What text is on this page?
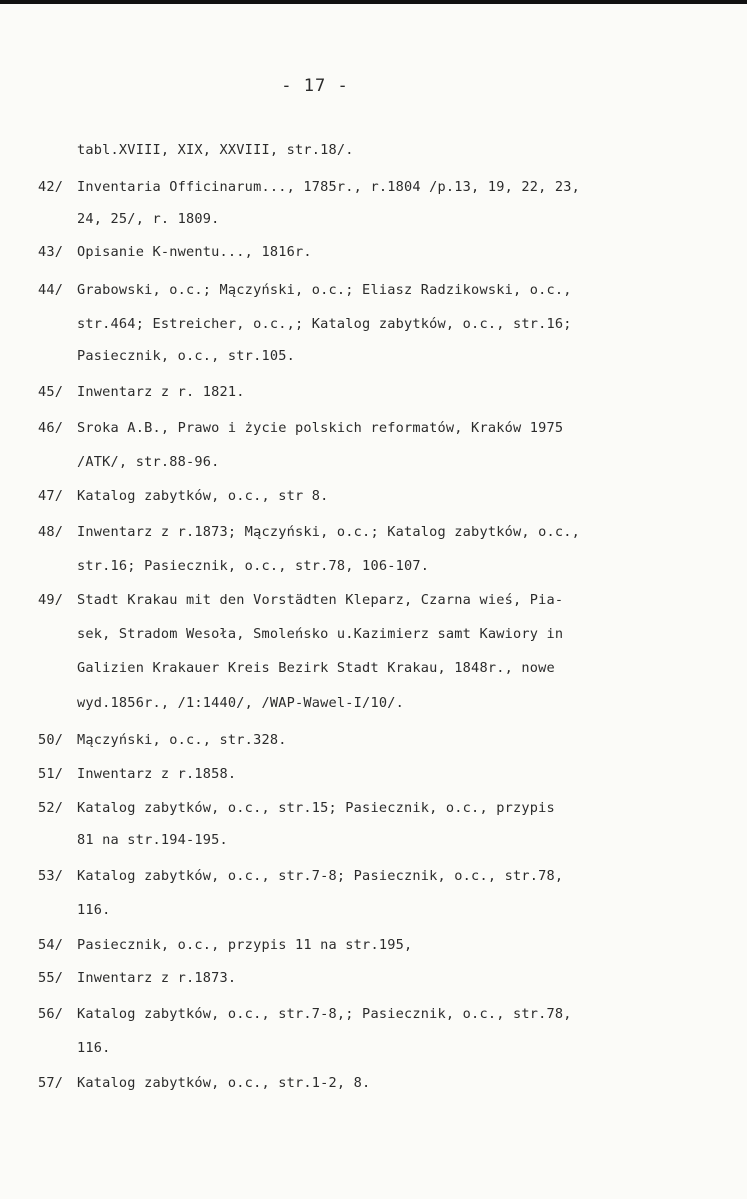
- 17 -
tabl.XVIII, XIX, XXVIII, str.18/.
42/ Inventaria Officinarum..., 1785r., r.1804 /p.13, 19, 22, 23,
24, 25/, r. 1809.
43/ Opisanie K-nwentu..., 1816r.
44/ Grabowski, o.c.; Mączyński, o.c.; Eliasz Radzikowski, o.c.,
str.464; Estreicher, o.c.,; Katalog zabytków, o.c., str.16;
Pasiecznik, o.c., str.105.
45/ Inwentarz z r. 1821.
46/ Sroka A.B., Prawo i życie polskich reformatów, Kraków 1975
/ATK/, str.88-96.
47/ Katalog zabytków, o.c., str 8.
48/ Inwentarz z r.1873; Mączyński, o.c.; Katalog zabytków, o.c.,
str.16; Pasiecznik, o.c., str.78, 106-107.
49/ Stadt Krakau mit den Vorstädten Kleparz, Czarna wieś, Pia-
sek, Stradom Wesoła, Smoleńsko u.Kazimierz samt Kawiory in
Galizien Krakauer Kreis Bezirk Stadt Krakau, 1848r., nowe
wyd.1856r., /1:1440/, /WAP-Wawel-I/10/.
50/ Mączyński, o.c., str.328.
51/ Inwentarz z r.1858.
52/ Katalog zabytków, o.c., str.15; Pasiecznik, o.c., przypis
81 na str.194-195.
53/ Katalog zabytków, o.c., str.7-8; Pasiecznik, o.c., str.78,
116.
54/ Pasiecznik, o.c., przypis 11 na str.195,
55/ Inwentarz z r.1873.
56/ Katalog zabytków, o.c., str.7-8,; Pasiecznik, o.c., str.78,
116.
57/ Katalog zabytków, o.c., str.1-2, 8.
